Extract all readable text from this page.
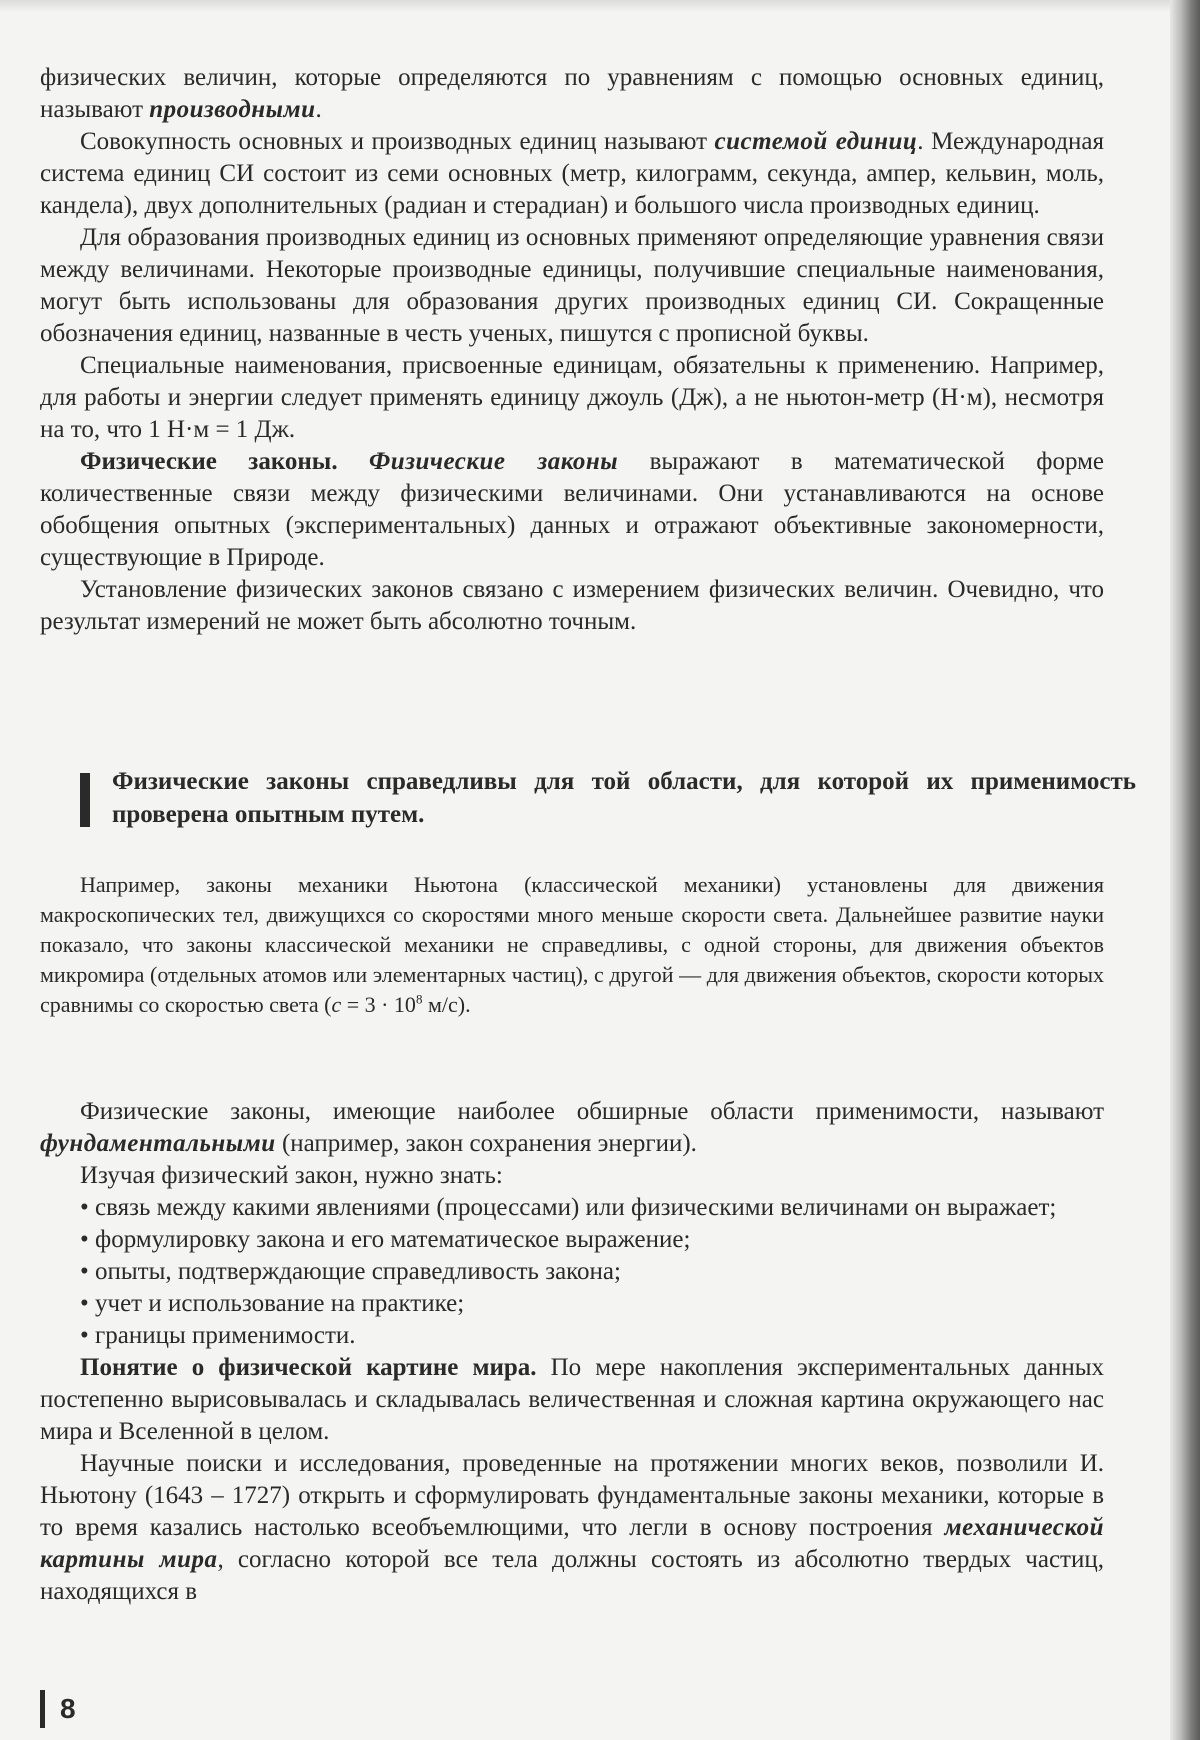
физических величин, которые определяются по уравнениям с помощью основных единиц, называют производными.

Совокупность основных и производных единиц называют системой единиц. Международная система единиц СИ состоит из семи основных (метр, килограмм, секунда, ампер, кельвин, моль, кандела), двух дополнительных (радиан и стерадиан) и большого числа производных единиц.

Для образования производных единиц из основных применяют определяющие уравнения связи между величинами. Некоторые производные единицы, получившие специальные наименования, могут быть использованы для образования других производных единиц СИ. Сокращенные обозначения единиц, названные в честь ученых, пишутся с прописной буквы.

Специальные наименования, присвоенные единицам, обязательны к применению. Например, для работы и энергии следует применять единицу джоуль (Дж), а не ньютон-метр (Н·м), несмотря на то, что 1 Н·м = 1 Дж.

Физические законы. Физические законы выражают в математической форме количественные связи между физическими величинами. Они устанавливаются на основе обобщения опытных (экспериментальных) данных и отражают объективные закономерности, существующие в Природе.

Установление физических законов связано с измерением физических величин. Очевидно, что результат измерений не может быть абсолютно точным.

Физические законы справедливы для той области, для которой их применимость проверена опытным путем.

Например, законы механики Ньютона (классической механики) установлены для движения макроскопических тел, движущихся со скоростями много меньше скорости света. Дальнейшее развитие науки показало, что законы классической механики не справедливы, с одной стороны, для движения объектов микромира (отдельных атомов или элементарных частиц), с другой — для движения объектов, скорости которых сравнимы со скоростью света ($c = 3 \cdot 10^8$ м/с).

Физические законы, имеющие наиболее обширные области применимости, называют фундаментальными (например, закон сохранения энергии).

Изучая физический закон, нужно знать:

• связь между какими явлениями (процессами) или физическими величинами он выражает;

• формулировку закона и его математическое выражение;

• опыты, подтверждающие справедливость закона;

• учет и использование на практике;

• границы применимости.

Понятие о физической картине мира. По мере накопления экспериментальных данных постепенно вырисовывалась и складывалась величественная и сложная картина окружающего нас мира и Вселенной в целом.

Научные поиски и исследования, проведенные на протяжении многих веков, позволили И. Ньютону (1643 – 1727) открыть и сформулировать фундаментальные законы механики, которые в то время казались настолько всеобъемлющими, что легли в основу построения механической картины мира, согласно которой все тела должны состоять из абсолютно твердых частиц, находящихся в

8
